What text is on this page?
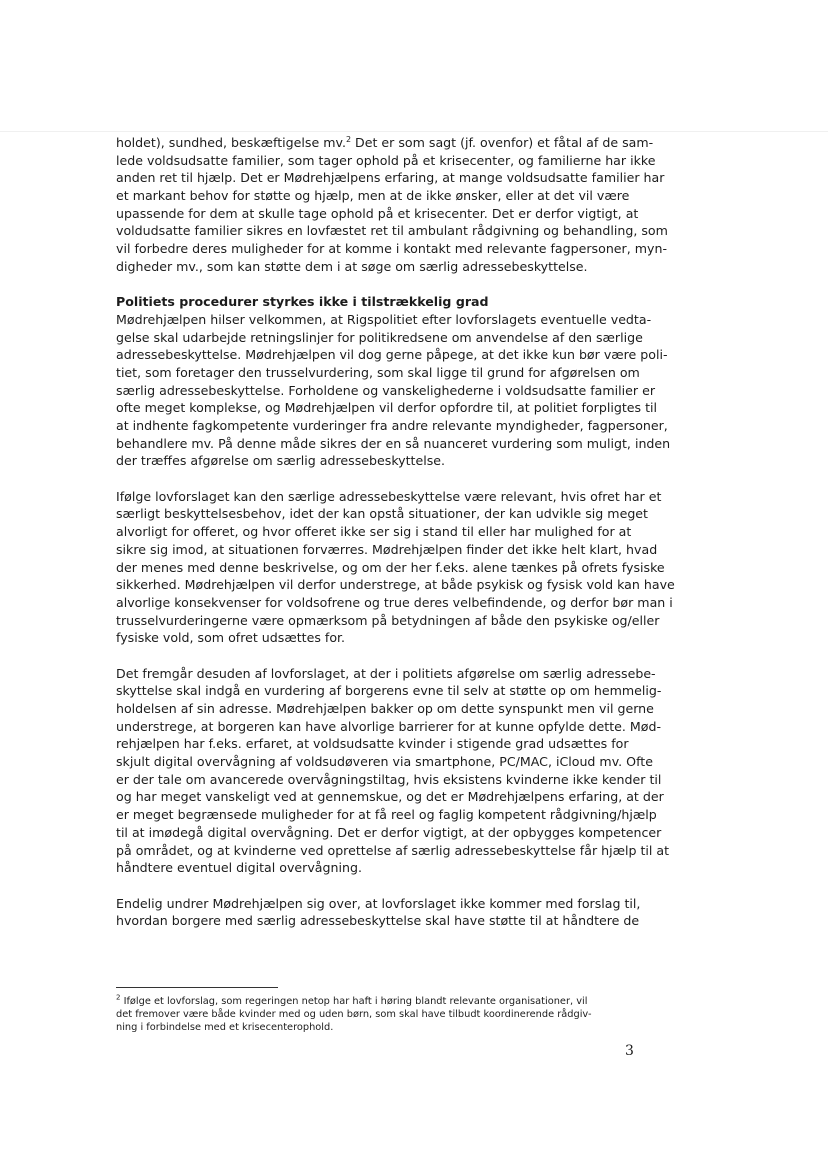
holdet), sundhed, beskæftigelse mv.$^2$ Det er som sagt (jf. ovenfor) et fåtal af de sam-
lede voldsudsatte familier, som tager ophold på et krisecenter, og familierne har ikke
anden ret til hjælp. Det er Mødrehjælpens erfaring, at mange voldsudsatte familier har
et markant behov for støtte og hjælp, men at de ikke ønsker, eller at det vil være
upassende for dem at skulle tage ophold på et krisecenter. Det er derfor vigtigt, at
voldudsatte familier sikres en lovfæstet ret til ambulant rådgivning og behandling, som
vil forbedre deres muligheder for at komme i kontakt med relevante fagpersoner, myn-
digheder mv., som kan støtte dem i at søge om særlig adressebeskyttelse.
Politiets procedurer styrkes ikke i tilstrækkelig grad
Mødrehjælpen hilser velkommen, at Rigspolitiet efter lovforslagets eventuelle vedta-
gelse skal udarbejde retningslinjer for politikredsene om anvendelse af den særlige
adressebeskyttelse. Mødrehjælpen vil dog gerne påpege, at det ikke kun bør være poli-
tiet, som foretager den trusselvurdering, som skal ligge til grund for afgørelsen om
særlig adressebeskyttelse. Forholdene og vanskelighederne i voldsudsatte familier er
ofte meget komplekse, og Mødrehjælpen vil derfor opfordre til, at politiet forpligtes til
at indhente fagkompetente vurderinger fra andre relevante myndigheder, fagpersoner,
behandlere mv. På denne måde sikres der en så nuanceret vurdering som muligt, inden
der træffes afgørelse om særlig adressebeskyttelse.
Ifølge lovforslaget kan den særlige adressebeskyttelse være relevant, hvis ofret har et
særligt beskyttelsesbehov, idet der kan opstå situationer, der kan udvikle sig meget
alvorligt for offeret, og hvor offeret ikke ser sig i stand til eller har mulighed for at
sikre sig imod, at situationen forværres. Mødrehjælpen finder det ikke helt klart, hvad
der menes med denne beskrivelse, og om der her f.eks. alene tænkes på ofrets fysiske
sikkerhed. Mødrehjælpen vil derfor understrege, at både psykisk og fysisk vold kan have
alvorlige konsekvenser for voldsofrene og true deres velbefindende, og derfor bør man i
trusselvurderingerne være opmærksom på betydningen af både den psykiske og/eller
fysiske vold, som ofret udsættes for.
Det fremgår desuden af lovforslaget, at der i politiets afgørelse om særlig adressebe-
skyttelse skal indgå en vurdering af borgerens evne til selv at støtte op om hemmelig-
holdelsen af sin adresse. Mødrehjælpen bakker op om dette synspunkt men vil gerne
understrege, at borgeren kan have alvorlige barrierer for at kunne opfylde dette. Mød-
rehjælpen har f.eks. erfaret, at voldsudsatte kvinder i stigende grad udsættes for
skjult digital overvågning af voldsudøveren via smartphone, PC/MAC, iCloud mv. Ofte
er der tale om avancerede overvågningstiltag, hvis eksistens kvinderne ikke kender til
og har meget vanskeligt ved at gennemskue, og det er Mødrehjælpens erfaring, at der
er meget begrænsede muligheder for at få reel og faglig kompetent rådgivning/hjælp
til at imødegå digital overvågning. Det er derfor vigtigt, at der opbygges kompetencer
på området, og at kvinderne ved oprettelse af særlig adressebeskyttelse får hjælp til at
håndtere eventuel digital overvågning.
Endelig undrer Mødrehjælpen sig over, at lovforslaget ikke kommer med forslag til,
hvordan borgere med særlig adressebeskyttelse skal have støtte til at håndtere de
$^2$ Ifølge et lovforslag, som regeringen netop har haft i høring blandt relevante organisationer, vil
det fremover være både kvinder med og uden børn, som skal have tilbudt koordinerende rådgiv-
ning i forbindelse med et krisecenterophold.
3
